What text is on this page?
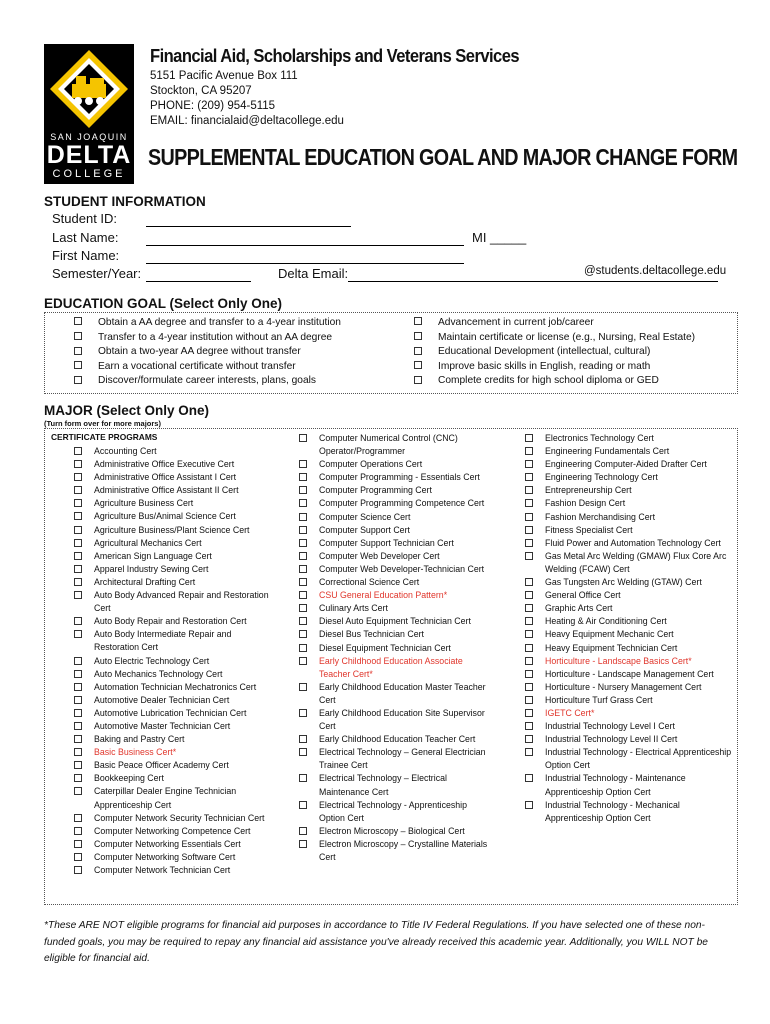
SAN JOAQUIN
DELTA
COLLEGE
Financial Aid, Scholarships and Veterans Services
5151 Pacific Avenue Box 111
Stockton, CA 95207
PHONE: (209) 954-5115
EMAIL: financialaid@deltacollege.edu
SUPPLEMENTAL EDUCATION GOAL AND MAJOR CHANGE FORM
STUDENT INFORMATION
Student ID:
Last Name:	MI _____
First Name:
Semester/Year:	Delta Email:	@students.deltacollege.edu
EDUCATION GOAL (Select Only One)
Obtain a AA degree and transfer to a 4-year institution
Transfer to a 4-year institution without an AA degree
Obtain a two-year AA degree without transfer
Earn a vocational certificate without transfer
Discover/formulate career interests, plans, goals
Advancement in current job/career
Maintain certificate or license (e.g., Nursing, Real Estate)
Educational Development (intellectual, cultural)
Improve basic skills in English, reading or math
Complete credits for high school diploma or GED
MAJOR (Select Only One)
(Turn form over for more majors)
CERTIFICATE PROGRAMS
Accounting Cert
Administrative Office Executive Cert
Administrative Office Assistant I Cert
Administrative Office Assistant II Cert
Agriculture Business Cert
Agriculture Bus/Animal Science Cert
Agriculture Business/Plant Science Cert
Agricultural Mechanics Cert
American Sign Language Cert
Apparel Industry Sewing Cert
Architectural Drafting Cert
Auto Body Advanced Repair and Restoration Cert
Auto Body Repair and Restoration Cert
Auto Body Intermediate Repair and Restoration Cert
Auto Electric Technology Cert
Auto Mechanics Technology Cert
Automation Technician Mechatronics Cert
Automotive Dealer Technician Cert
Automotive Lubrication Technician Cert
Automotive Master Technician Cert
Baking and Pastry Cert
Basic Business Cert*
Basic Peace Officer Academy Cert
Bookkeeping Cert
Caterpillar Dealer Engine Technician Apprenticeship Cert
Computer Network Security Technician Cert
Computer Networking Competence Cert
Computer Networking Essentials Cert
Computer Networking Software Cert
Computer Network Technician Cert
Computer Numerical Control (CNC) Operator/Programmer
Computer Operations Cert
Computer Programming - Essentials Cert
Computer Programming Cert
Computer Programming Competence Cert
Computer Science Cert
Computer Support Cert
Computer Support Technician Cert
Computer Web Developer Cert
Computer Web Developer-Technician Cert
Correctional Science Cert
CSU General Education Pattern*
Culinary Arts Cert
Diesel Auto Equipment Technician Cert
Diesel Bus Technician Cert
Diesel Equipment Technician Cert
Early Childhood Education Associate Teacher Cert*
Early Childhood Education Master Teacher Cert
Early Childhood Education Site Supervisor Cert
Early Childhood Education Teacher Cert
Electrical Technology – General Electrician Trainee Cert
Electrical Technology – Electrical Maintenance Cert
Electrical Technology - Apprenticeship Option Cert
Electron Microscopy – Biological Cert
Electron Microscopy – Crystalline Materials Cert
Electronics Technology Cert
Engineering Fundamentals Cert
Engineering Computer-Aided Drafter Cert
Engineering Technology Cert
Entrepreneurship Cert
Fashion Design Cert
Fashion Merchandising Cert
Fitness Specialist Cert
Fluid Power and Automation Technology Cert
Gas Metal Arc Welding (GMAW) Flux Core Arc Welding (FCAW) Cert
Gas Tungsten Arc Welding (GTAW) Cert
General Office Cert
Graphic Arts Cert
Heating & Air Conditioning Cert
Heavy Equipment Mechanic Cert
Heavy Equipment Technician Cert
Horticulture - Landscape Basics Cert*
Horticulture - Landscape Management Cert
Horticulture - Nursery Management Cert
Horticulture Turf Grass Cert
IGETC Cert*
Industrial Technology Level I Cert
Industrial Technology Level II Cert
Industrial Technology - Electrical Apprenticeship Option Cert
Industrial Technology - Maintenance Apprenticeship Option Cert
Industrial Technology - Mechanical Apprenticeship Option Cert
*These ARE NOT eligible programs for financial aid purposes in accordance to Title IV Federal Regulations. If you have selected one of these non-funded goals, you may be required to repay any financial aid assistance you've already received this academic year. Additionally, you WILL NOT be eligible for financial aid.
